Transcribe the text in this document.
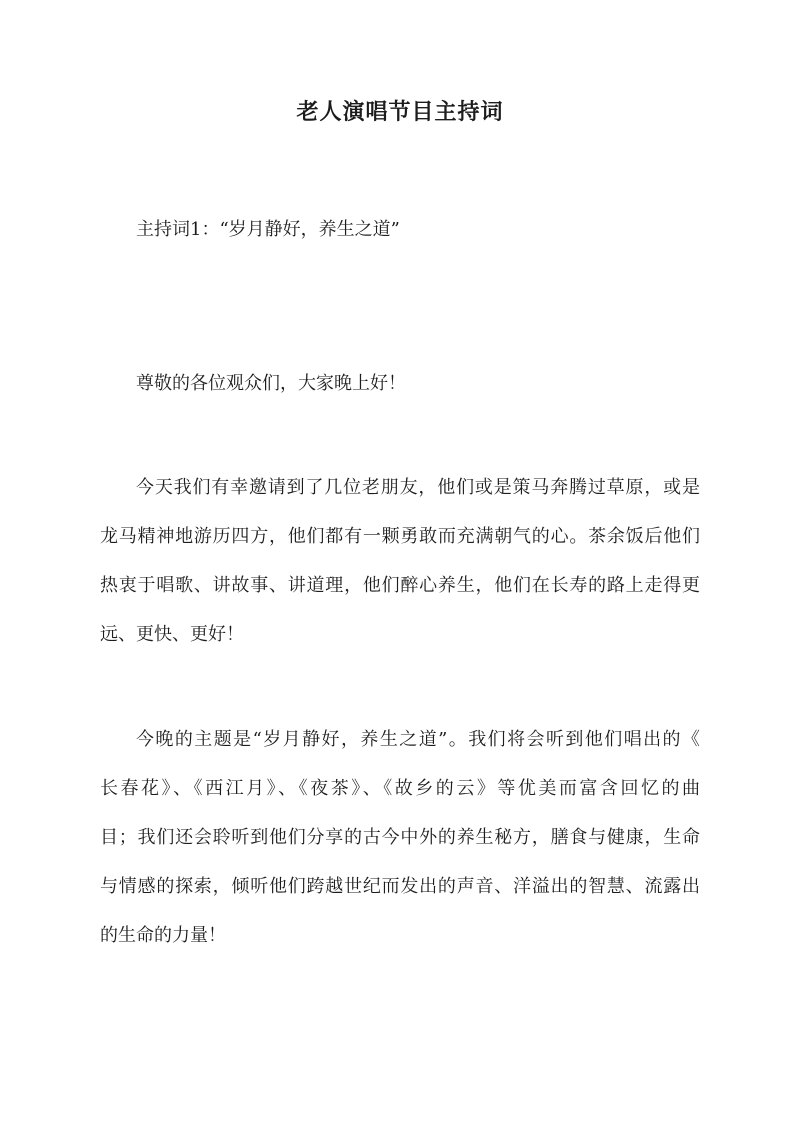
老人演唱节目主持词

主持词1：“岁月静好，养生之道”

尊敬的各位观众们，大家晚上好！

今天我们有幸邀请到了几位老朋友，他们或是策马奔腾过草原，或是

龙马精神地游历四方，他们都有一颗勇敢而充满朝气的心。茶余饭后他们

热衷于唱歌、讲故事、讲道理，他们醉心养生，他们在长寿的路上走得更

远、更快、更好！

今晚的主题是“岁月静好，养生之道”。我们将会听到他们唱出的《

长春花》、《西江月》、《夜茶》、《故乡的云》等优美而富含回忆的曲

目；我们还会聆听到他们分享的古今中外的养生秘方，膳食与健康，生命

与情感的探索，倾听他们跨越世纪而发出的声音、洋溢出的智慧、流露出

的生命的力量！
